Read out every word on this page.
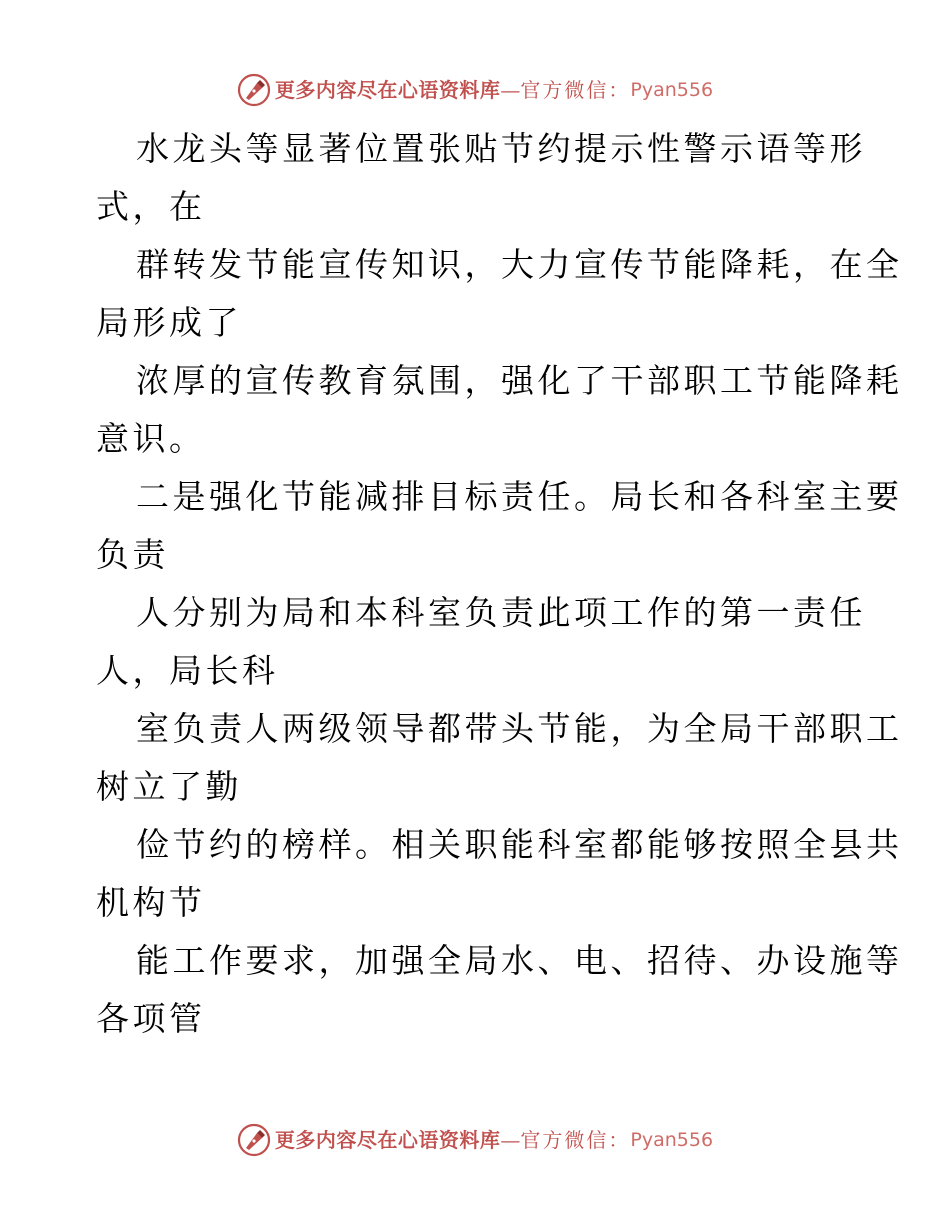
更多内容尽在心语资料库 — 官方微信： Pyan556

水龙头等显著位置张贴节约提示性警示语等形

式，在

群转发节能宣传知识，大力宣传节能降耗，在全

局形成了

浓厚的宣传教育氛围，强化了干部职工节能降耗

意识。

二是强化节能减排目标责任。局长和各科室主要

负责

人分别为局和本科室负责此项工作的第一责任

人，局长科

室负责人两级领导都带头节能，为全局干部职工

树立了勤

俭节约的榜样。相关职能科室都能够按照全县共

机构节

能工作要求，加强全局水、电、招待、办设施等

各项管

更多内容尽在心语资料库 — 官方微信： Pyan556
